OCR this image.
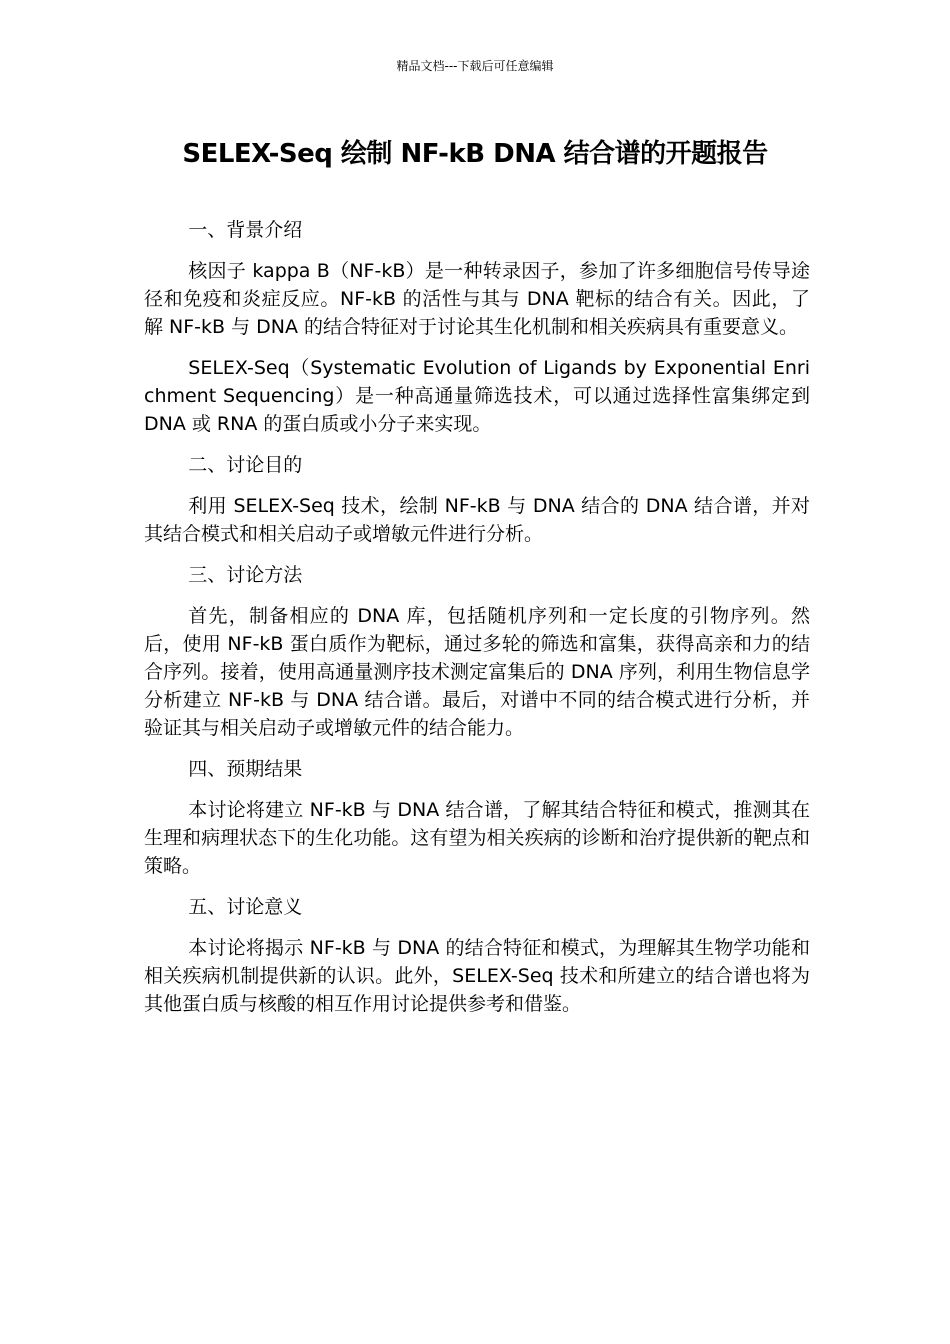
精品文档---下载后可任意编辑
SELEX-Seq 绘制 NF-kB DNA 结合谱的开题报告
一、背景介绍

核因子 kappa B（NF-kB）是一种转录因子，参加了许多细胞信号传导途径和免疫和炎症反应。NF-kB 的活性与其与 DNA 靶标的结合有关。因此，了解 NF-kB 与 DNA 的结合特征对于讨论其生化机制和相关疾病具有重要意义。

SELEX-Seq（Systematic Evolution of Ligands by Exponential Enrichment Sequencing）是一种高通量筛选技术，可以通过选择性富集绑定到 DNA 或 RNA 的蛋白质或小分子来实现。

二、讨论目的

利用 SELEX-Seq 技术，绘制 NF-kB 与 DNA 结合的 DNA 结合谱，并对其结合模式和相关启动子或增敏元件进行分析。

三、讨论方法

首先，制备相应的 DNA 库，包括随机序列和一定长度的引物序列。然后，使用 NF-kB 蛋白质作为靶标，通过多轮的筛选和富集，获得高亲和力的结合序列。接着，使用高通量测序技术测定富集后的 DNA 序列，利用生物信息学分析建立 NF-kB 与 DNA 结合谱。最后，对谱中不同的结合模式进行分析，并验证其与相关启动子或增敏元件的结合能力。

四、预期结果

本讨论将建立 NF-kB 与 DNA 结合谱，了解其结合特征和模式，推测其在生理和病理状态下的生化功能。这有望为相关疾病的诊断和治疗提供新的靶点和策略。

五、讨论意义

本讨论将揭示 NF-kB 与 DNA 的结合特征和模式，为理解其生物学功能和相关疾病机制提供新的认识。此外，SELEX-Seq 技术和所建立的结合谱也将为其他蛋白质与核酸的相互作用讨论提供参考和借鉴。
